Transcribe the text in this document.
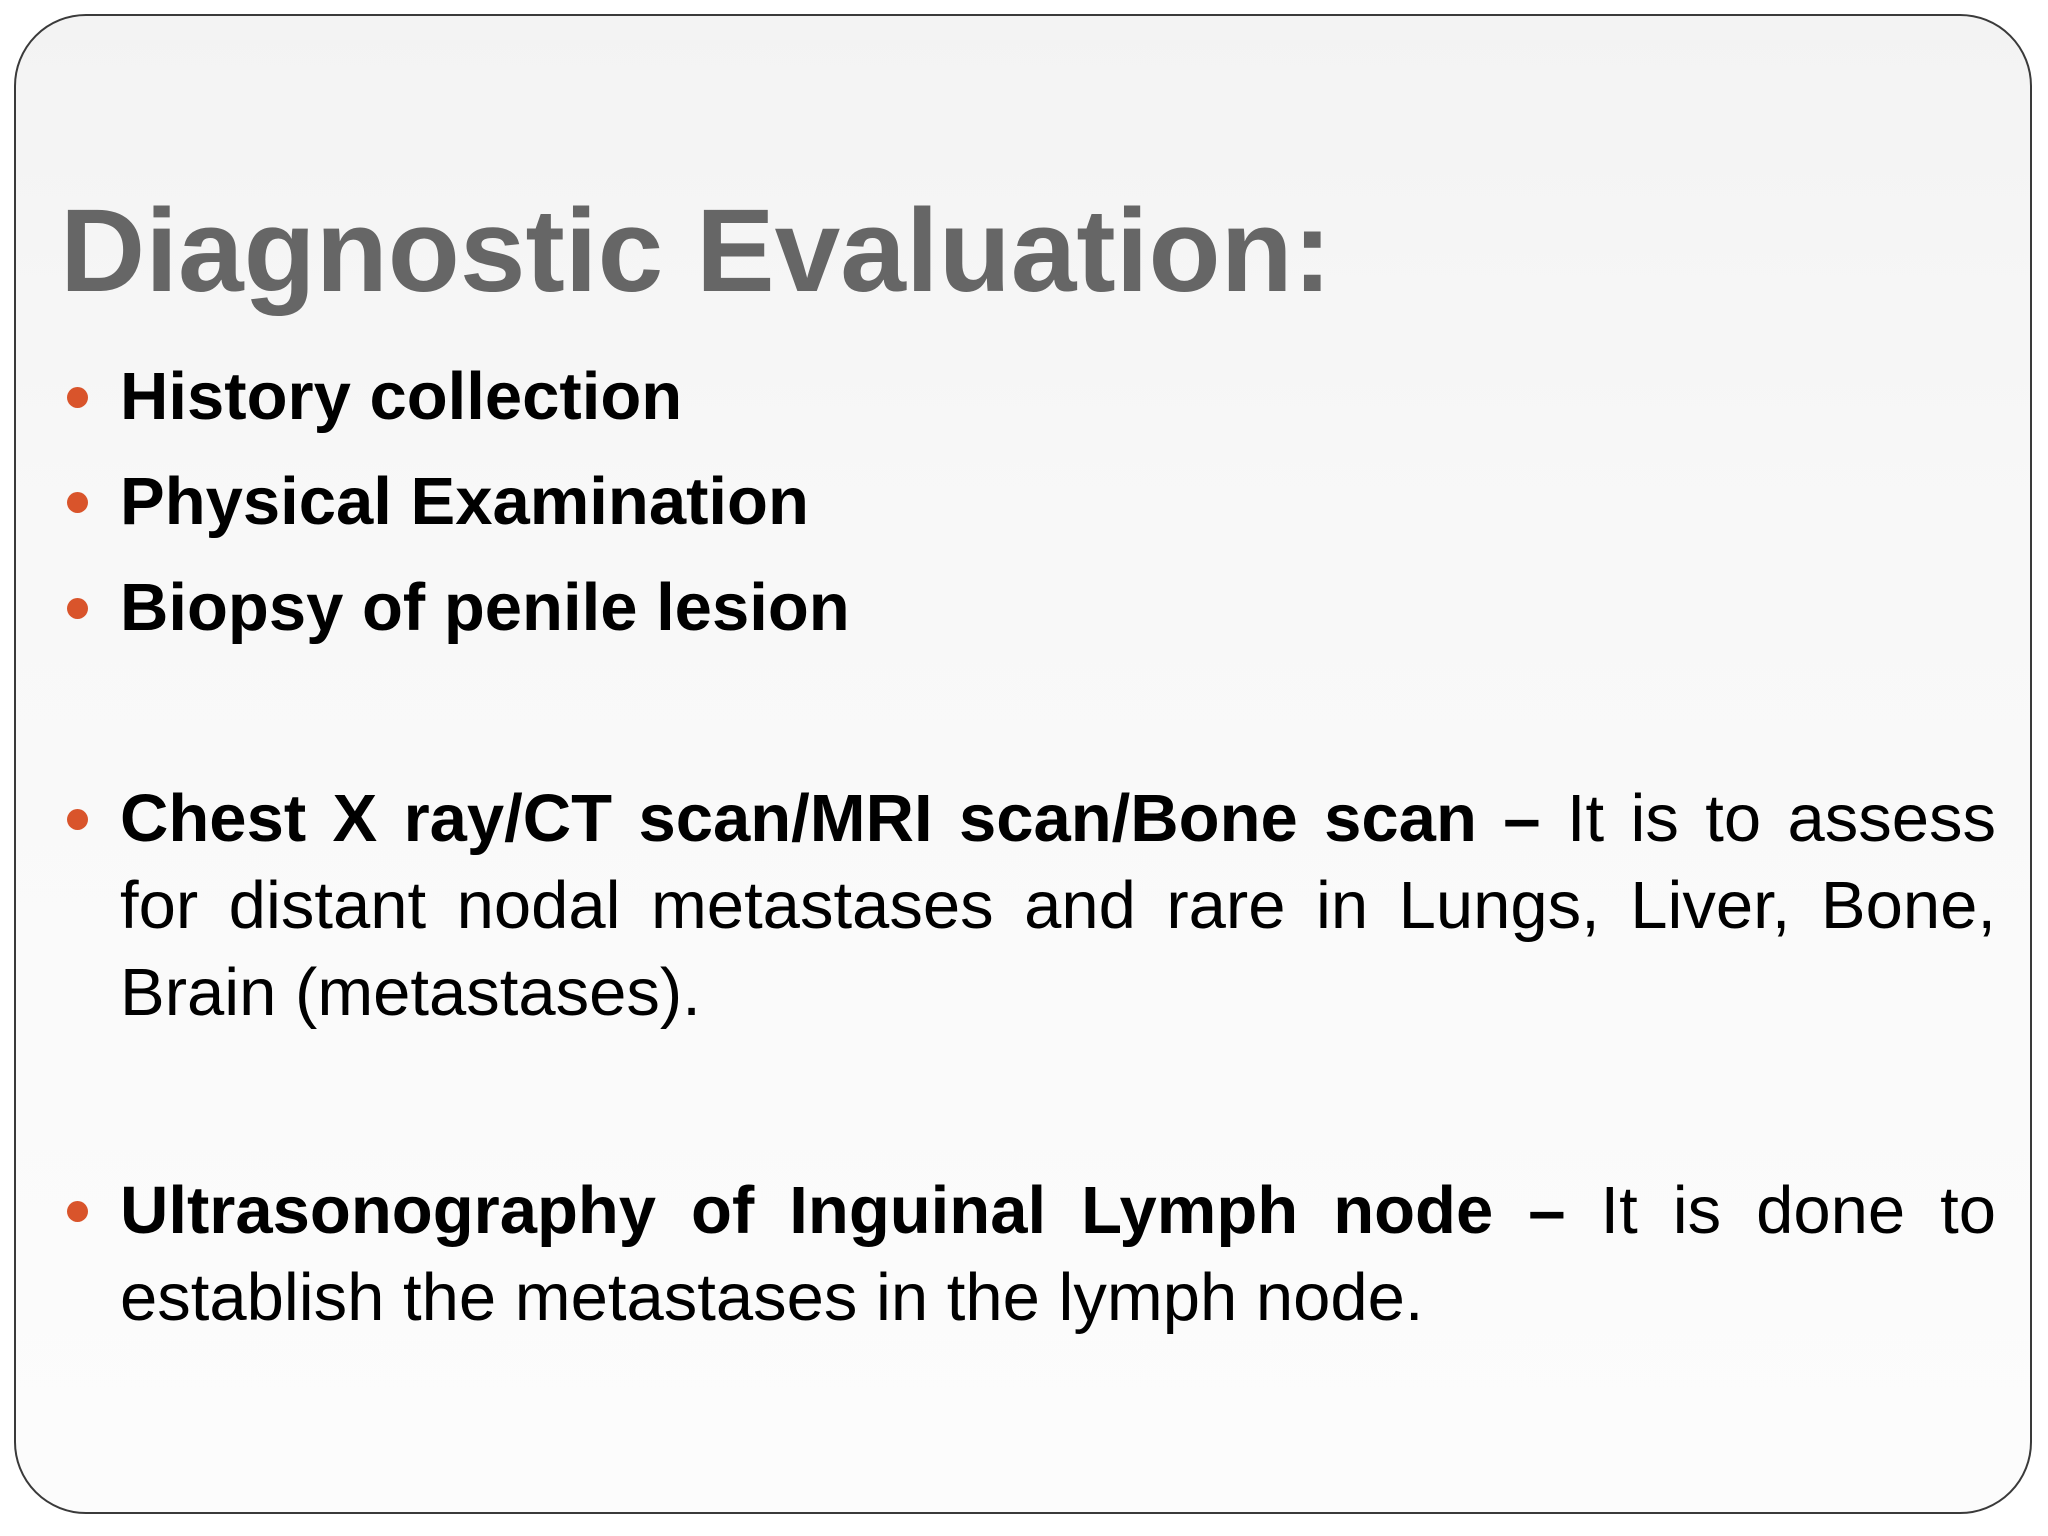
Diagnostic Evaluation:
History collection
Physical Examination
Biopsy of penile lesion
Chest X ray/CT scan/MRI scan/Bone scan – It is to assess for distant nodal metastases and rare in Lungs, Liver, Bone, Brain (metastases).
Ultrasonography of Inguinal Lymph node – It is done to establish the metastases in the lymph node.
